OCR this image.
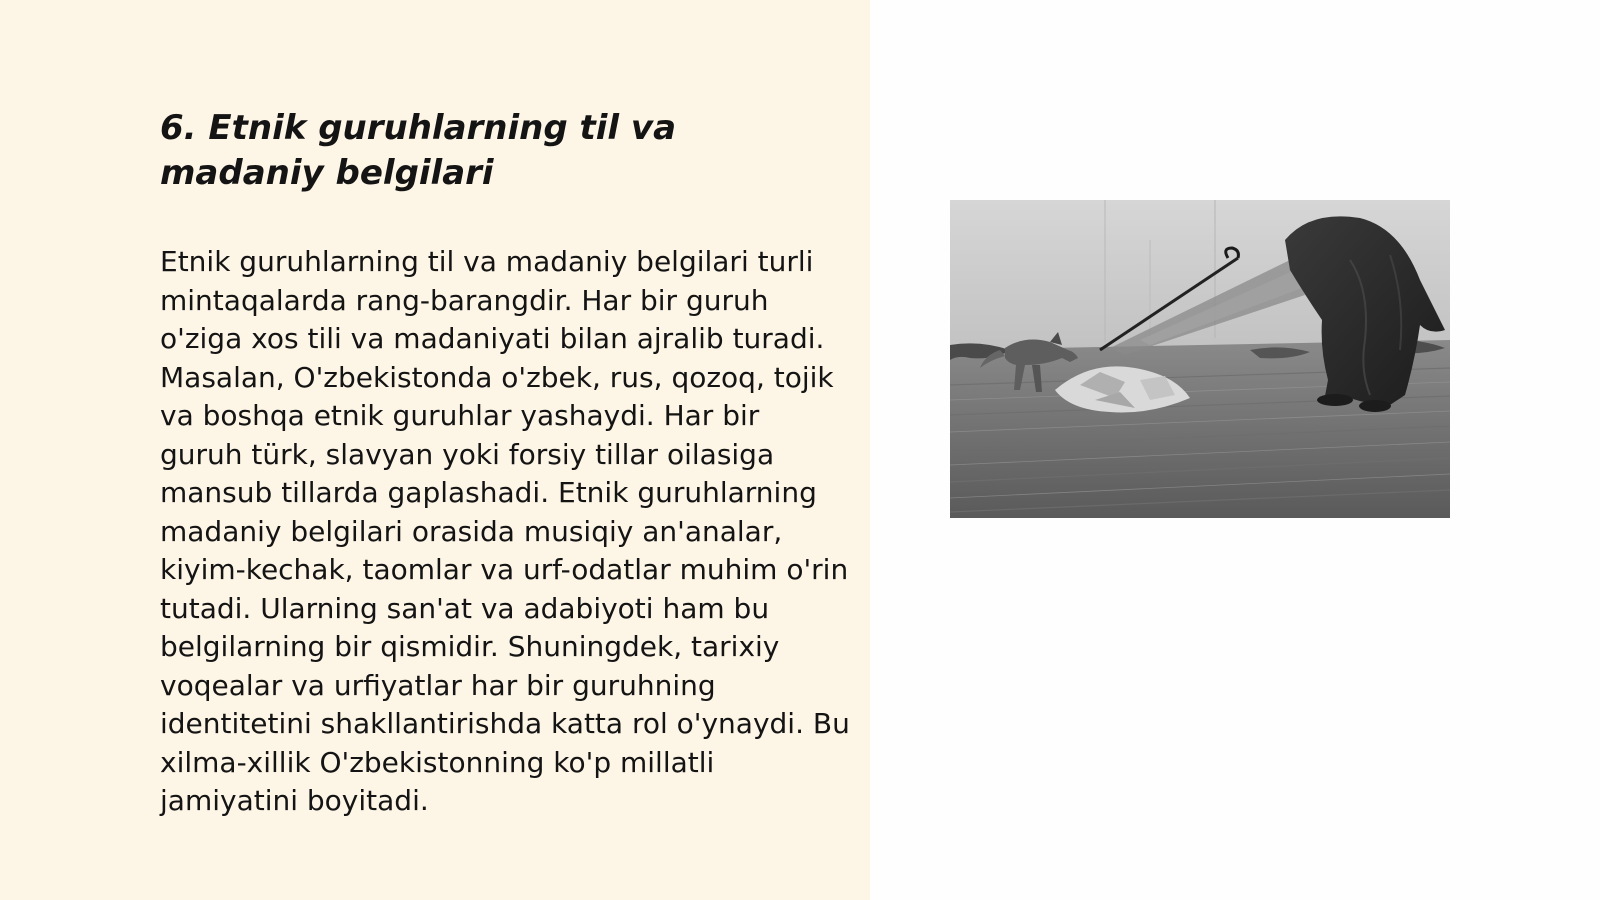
6. Etnik guruhlarning til va madaniy belgilari

Etnik guruhlarning til va madaniy belgilari turli mintaqalarda rang-barangdir. Har bir guruh o'ziga xos tili va madaniyati bilan ajralib turadi. Masalan, O'zbekistonda o'zbek, rus, qozoq, tojik va boshqa etnik guruhlar yashaydi. Har bir guruh türk, slavyan yoki forsiy tillar oilasiga mansub tillarda gaplashadi. Etnik guruhlarning madaniy belgilari orasida musiqiy an'analar, kiyim-kechak, taomlar va urf-odatlar muhim o'rin tutadi. Ularning san'at va adabiyoti ham bu belgilarning bir qismidir. Shuningdek, tarixiy voqealar va urfiyatlar har bir guruhning identitetini shakllantirishda katta rol o'ynaydi. Bu xilma-xillik O'zbekistonning ko'p millatli jamiyatini boyitadi.
